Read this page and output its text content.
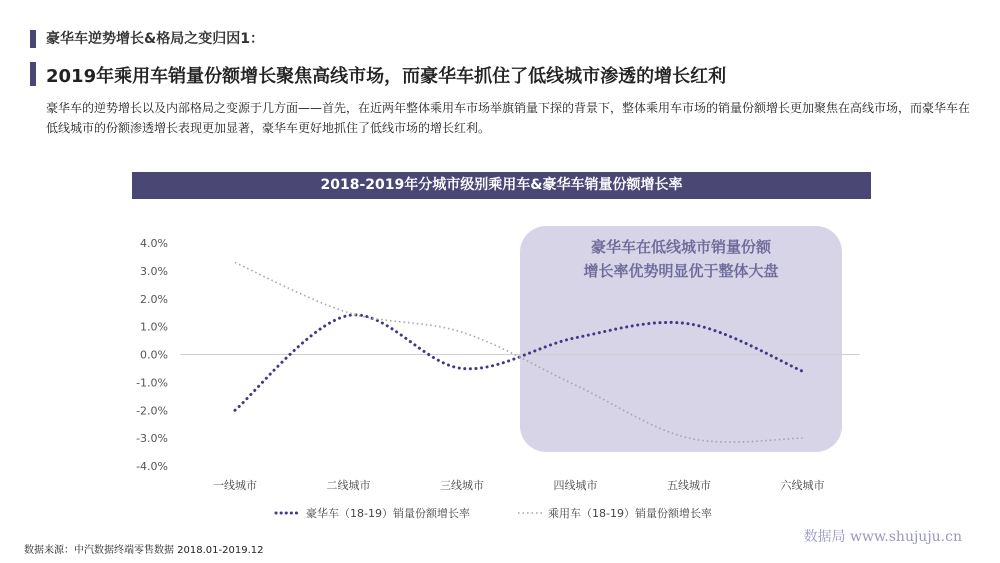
豪华车逆势增长&格局之变归因1：
2019年乘用车销量份额增长聚焦高线市场，而豪华车抓住了低线城市渗透的增长红利
豪华车的逆势增长以及内部格局之变源于几方面——首先，在近两年整体乘用车市场举旗销量下探的背景下，整体乘用车市场的销量份额增长更加聚焦在高线市场，而豪华车在低线城市的份额渗透增长表现更加显著，豪华车更好地抓住了低线市场的增长红利。
2018-2019年分城市级别乘用车&豪华车销量份额增长率
豪华车在低线城市销量份额
增长率优势明显优于整体大盘
4.0%
3.0%
2.0%
1.0%
0.0%
-1.0%
-2.0%
-3.0%
-4.0%
一线城市	二线城市	三线城市	四线城市	五线城市	六线城市
豪华车（18-19）销量份额增长率	乘用车（18-19）销量份额增长率
数据来源：中汽数据终端零售数据 2018.01-2019.12
数据局 www.shujuju.cn
